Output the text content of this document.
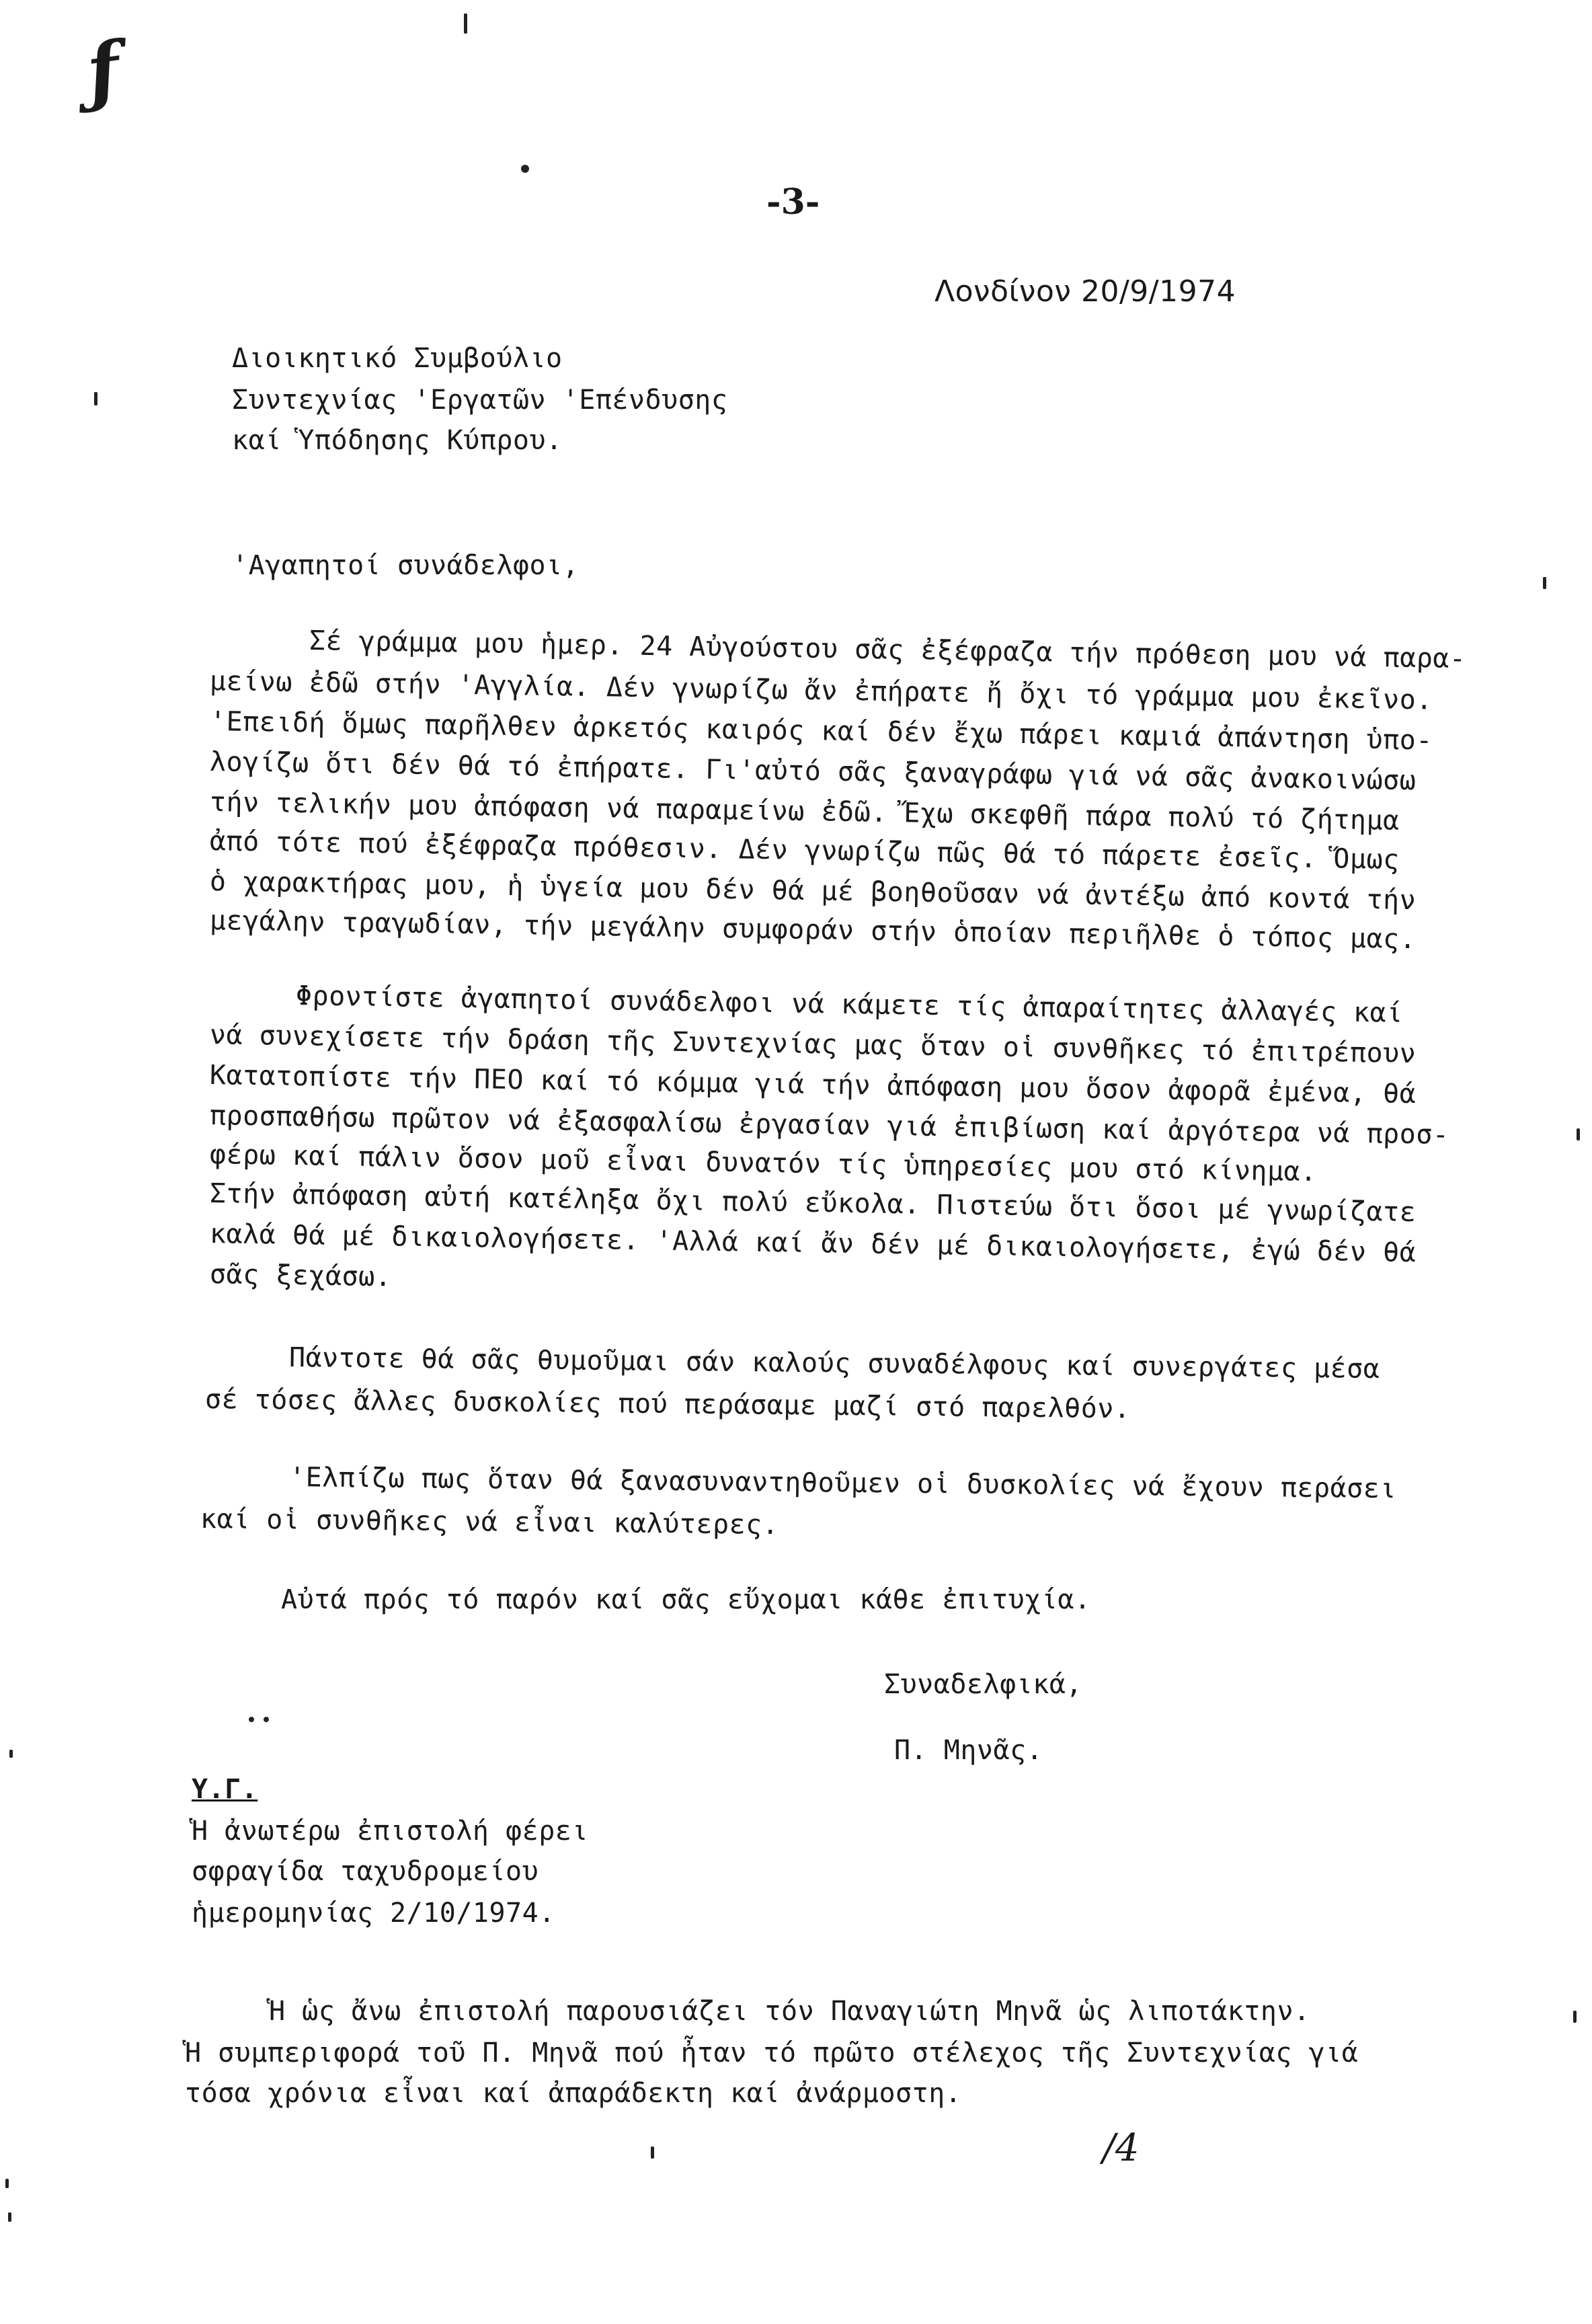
ƒ
-3-
Λονδίνον 20/9/1974
Διοικητικό Συμβούλιο
Συντεχνίας 'Εργατῶν 'Επένδυσης
καί Ὑπόδησης Κύπρου.
'Αγαπητοί συνάδελφοι,
Σέ γράμμα μου ἡμερ. 24 Αὐγούστου σᾶς ἐξέφραζα τήν πρόθεση μου νά παρα-
μείνω ἐδῶ στήν 'Αγγλία. Δέν γνωρίζω ἄν ἐπήρατε ἤ ὄχι τό γράμμα μου ἐκεῖνο.
'Επειδή ὅμως παρῆλθεν ἀρκετός καιρός καί δέν ἔχω πάρει καμιά ἀπάντηση ὑπο-
λογίζω ὅτι δέν θά τό ἐπήρατε. Γι'αὐτό σᾶς ξαναγράφω γιά νά σᾶς ἀνακοινώσω
τήν τελικήν μου ἀπόφαση νά παραμείνω ἐδῶ. Ἔχω σκεφθῆ πάρα πολύ τό ζήτημα
ἀπό τότε πού ἐξέφραζα πρόθεσιν. Δέν γνωρίζω πῶς θά τό πάρετε ἐσεῖς. Ὅμως
ὁ χαρακτήρας μου, ἡ ὑγεία μου δέν θά μέ βοηθοῦσαν νά ἀντέξω ἀπό κοντά τήν
μεγάλην τραγωδίαν, τήν μεγάλην συμφοράν στήν ὁποίαν περιῆλθε ὁ τόπος μας.
Φροντίστε ἀγαπητοί συνάδελφοι νά κάμετε τίς ἀπαραίτητες ἀλλαγές καί
νά συνεχίσετε τήν δράση τῆς Συντεχνίας μας ὅταν οἱ συνθῆκες τό ἐπιτρέπουν
Κατατοπίστε τήν ΠΕΟ καί τό κόμμα γιά τήν ἀπόφαση μου ὅσον ἀφορᾶ ἐμένα, θά
προσπαθήσω πρῶτον νά ἐξασφαλίσω ἐργασίαν γιά ἐπιβίωση καί ἀργότερα νά προσ-
φέρω καί πάλιν ὅσον μοῦ εἶναι δυνατόν τίς ὑπηρεσίες μου στό κίνημα.
Στήν ἀπόφαση αὐτή κατέληξα ὄχι πολύ εὔκολα. Πιστεύω ὅτι ὅσοι μέ γνωρίζατε
καλά θά μέ δικαιολογήσετε. 'Αλλά καί ἄν δέν μέ δικαιολογήσετε, ἐγώ δέν θά
σᾶς ξεχάσω.
Πάντοτε θά σᾶς θυμοῦμαι σάν καλούς συναδέλφους καί συνεργάτες μέσα
σέ τόσες ἄλλες δυσκολίες πού περάσαμε μαζί στό παρελθόν.
'Ελπίζω πως ὅταν θά ξανασυναντηθοῦμεν οἱ δυσκολίες νά ἔχουν περάσει
καί οἱ συνθῆκες νά εἶναι καλύτερες.
Αὐτά πρός τό παρόν καί σᾶς εὔχομαι κάθε ἐπιτυχία.
Συναδελφικά,
Π. Μηνᾶς.
Υ.Γ.
Ἡ ἀνωτέρω ἐπιστολή φέρει
σφραγίδα ταχυδρομείου
ἡμερομηνίας 2/10/1974.
Ἡ ὡς ἄνω ἐπιστολή παρουσιάζει τόν Παναγιώτη Μηνᾶ ὡς λιποτάκτην.
Ἡ συμπεριφορά τοῦ Π. Μηνᾶ πού ἦταν τό πρῶτο στέλεχος τῆς Συντεχνίας γιά
τόσα χρόνια εἶναι καί ἀπαράδεκτη καί ἀνάρμοστη.
/4
